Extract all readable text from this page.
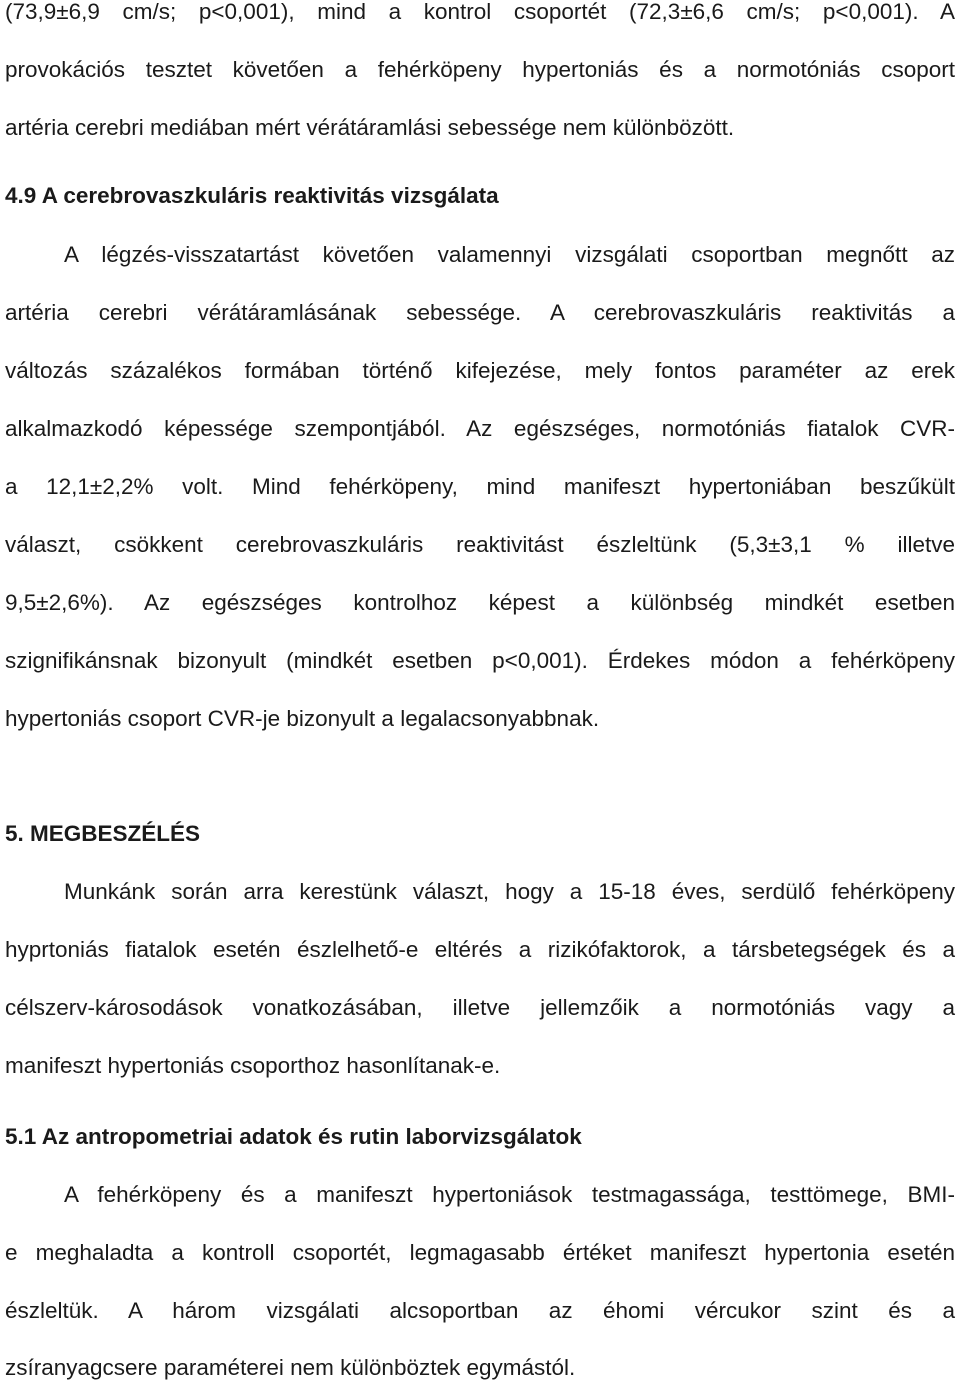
(73,9±6,9 cm/s; p<0,001), mind a kontrol csoportét (72,3±6,6 cm/s; p<0,001). A
provokációs tesztet követően a fehérköpeny hypertoniás és a normotóniás csoport
artéria cerebri mediában mért vérátáramlási sebessége nem különbözött.
4.9 A cerebrovaszkuláris reaktivitás vizsgálata
A légzés-visszatartást követően valamennyi vizsgálati csoportban megnőtt az
artéria cerebri vérátáramlásának sebessége. A cerebrovaszkuláris reaktivitás a
változás százalékos formában történő kifejezése, mely fontos paraméter az erek
alkalmazkodó képessége szempontjából. Az egészséges, normotóniás fiatalok CVR-
a 12,1±2,2% volt. Mind fehérköpeny, mind manifeszt hypertoniában beszűkült
választ, csökkent cerebrovaszkuláris reaktivitást észleltünk (5,3±3,1 % illetve
9,5±2,6%). Az egészséges kontrolhoz képest a különbség mindkét esetben
szignifikánsnak bizonyult (mindkét esetben p<0,001). Érdekes módon a fehérköpeny
hypertoniás csoport CVR-je bizonyult a legalacsonyabbnak.
5. MEGBESZÉLÉS
Munkánk során arra kerestünk választ, hogy a 15-18 éves, serdülő fehérköpeny
hyprtoniás fiatalok esetén észlelhető-e eltérés a rizikófaktorok, a társbetegségek és a
célszerv-károsodások vonatkozásában, illetve jellemzőik a normotóniás vagy a
manifeszt hypertoniás csoporthoz hasonlítanak-e.
5.1 Az antropometriai adatok és rutin laborvizsgálatok
A fehérköpeny és a manifeszt hypertoniások testmagassága, testtömege, BMI-
e meghaladta a kontroll csoportét, legmagasabb értéket manifeszt hypertonia esetén
észleltük. A három vizsgálati alcsoportban az éhomi vércukor szint és a
zsíranyagcsere paraméterei nem különböztek egymástól.
